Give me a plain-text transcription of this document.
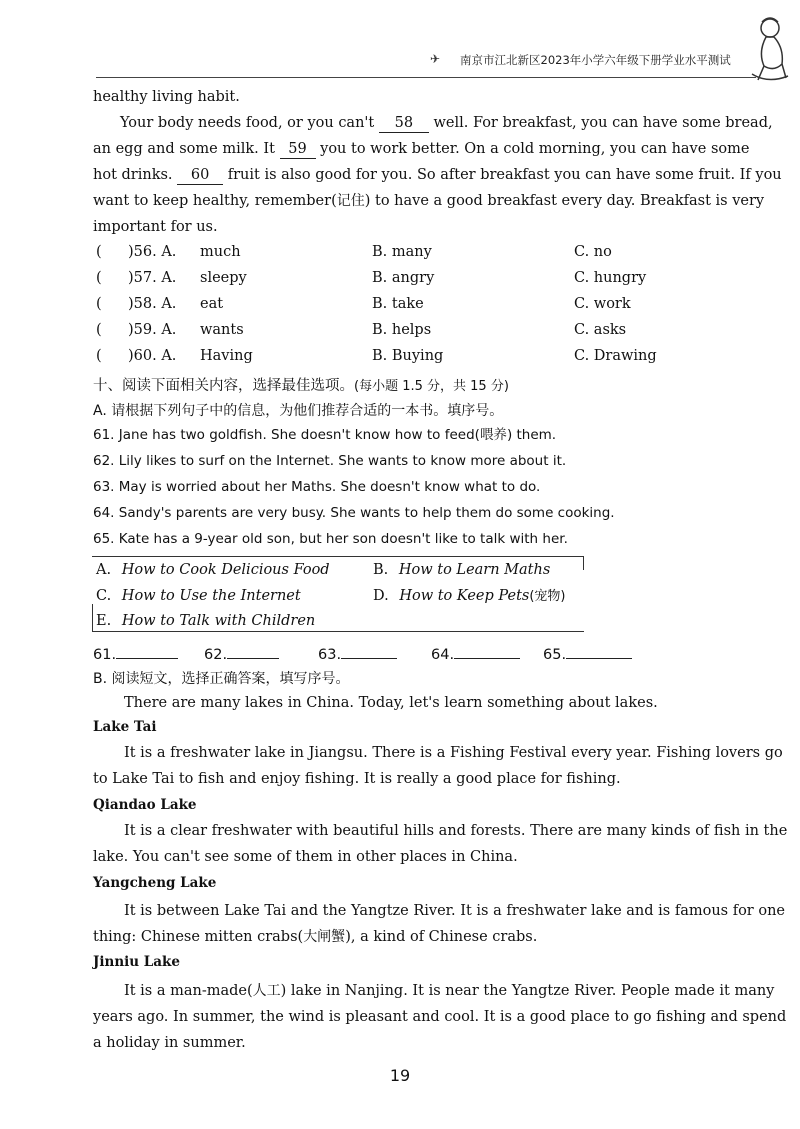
✈ 南京市江北新区2023年小学六年级下册学业水平测试
healthy living habit.
Your body needs food, or you can't 58 well. For breakfast, you can have some bread,
an egg and some milk. It 59 you to work better. On a cold morning, you can have some
hot drinks. 60 fruit is also good for you. So after breakfast you can have some fruit. If you
want to keep healthy, remember(记住) to have a good breakfast every day. Breakfast is very
important for us.
( )56. A. much	B. many	C. no
( )57. A. sleepy	B. angry	C. hungry
( )58. A. eat	B. take	C. work
( )59. A. wants	B. helps	C. asks
( )60. A. Having	B. Buying	C. Drawing
十、阅读下面相关内容，选择最佳选项。(每小题 1.5 分，共 15 分)
A. 请根据下列句子中的信息，为他们推荐合适的一本书。填序号。
61. Jane has two goldfish. She doesn't know how to feed(喂养) them.
62. Lily likes to surf on the Internet. She wants to know more about it.
63. May is worried about her Maths. She doesn't know what to do.
64. Sandy's parents are very busy. She wants to help them do some cooking.
65. Kate has a 9-year old son, but her son doesn't like to talk with her.
A. How to Cook Delicious Food	B. How to Learn Maths
C. How to Use the Internet	D. How to Keep Pets(宠物)
E. How to Talk with Children
61.	62.	63.	64.	65.
B. 阅读短文，选择正确答案，填写序号。
There are many lakes in China. Today, let's learn something about lakes.
Lake Tai
It is a freshwater lake in Jiangsu. There is a Fishing Festival every year. Fishing lovers go
to Lake Tai to fish and enjoy fishing. It is really a good place for fishing.
Qiandao Lake
It is a clear freshwater with beautiful hills and forests. There are many kinds of fish in the
lake. You can't see some of them in other places in China.
Yangcheng Lake
It is between Lake Tai and the Yangtze River. It is a freshwater lake and is famous for one
thing: Chinese mitten crabs(大闸蟹), a kind of Chinese crabs.
Jinniu Lake
It is a man-made(人工) lake in Nanjing. It is near the Yangtze River. People made it many
years ago. In summer, the wind is pleasant and cool. It is a good place to go fishing and spend
a holiday in summer.
19
